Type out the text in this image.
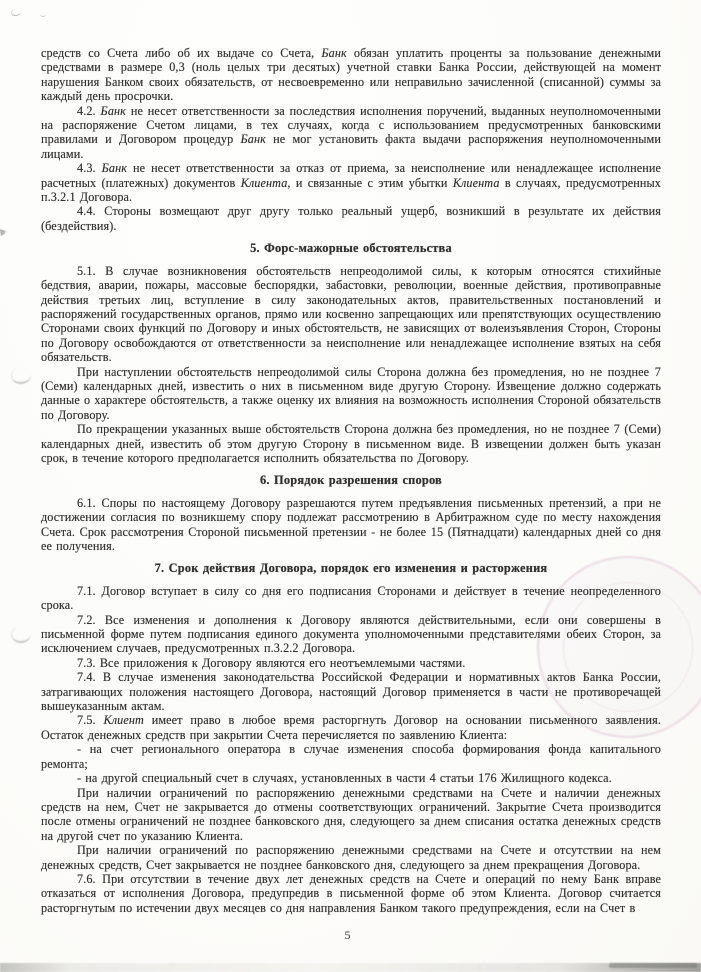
средств со Счета либо об их выдаче со Счета, Банк обязан уплатить проценты за пользование денежными средствами в размере 0,3 (ноль целых три десятых) учетной ставки Банка России, действующей на момент нарушения Банком своих обязательств, от несвоевременно или неправильно зачисленной (списанной) суммы за каждый день просрочки.

4.2. Банк не несет ответственности за последствия исполнения поручений, выданных неуполномоченными на распоряжение Счетом лицами, в тех случаях, когда с использованием предусмотренных банковскими правилами и Договором процедур Банк не мог установить факта выдачи распоряжения неуполномоченными лицами.

4.3. Банк не несет ответственности за отказ от приема, за неисполнение или ненадлежащее исполнение расчетных (платежных) документов Клиента, и связанные с этим убытки Клиента в случаях, предусмотренных п.3.2.1 Договора.

4.4. Стороны возмещают друг другу только реальный ущерб, возникший в результате их действия (бездействия).

5. Форс-мажорные обстоятельства

5.1. В случае возникновения обстоятельств непреодолимой силы, к которым относятся стихийные бедствия, аварии, пожары, массовые беспорядки, забастовки, революции, военные действия, противоправные действия третьих лиц, вступление в силу законодательных актов, правительственных постановлений и распоряжений государственных органов, прямо или косвенно запрещающих или препятствующих осуществлению Сторонами своих функций по Договору и иных обстоятельств, не зависящих от волеизъявления Сторон, Стороны по Договору освобождаются от ответственности за неисполнение или ненадлежащее исполнение взятых на себя обязательств.

При наступлении обстоятельств непреодолимой силы Сторона должна без промедления, но не позднее 7 (Семи) календарных дней, известить о них в письменном виде другую Сторону. Извещение должно содержать данные о характере обстоятельств, а также оценку их влияния на возможность исполнения Стороной обязательств по Договору.

По прекращении указанных выше обстоятельств Сторона должна без промедления, но не позднее 7 (Семи) календарных дней, известить об этом другую Сторону в письменном виде. В извещении должен быть указан срок, в течение которого предполагается исполнить обязательства по Договору.

6. Порядок разрешения споров

6.1. Споры по настоящему Договору разрешаются путем предъявления письменных претензий, а при не достижении согласия по возникшему спору подлежат рассмотрению в Арбитражном суде по месту нахождения Счета. Срок рассмотрения Стороной письменной претензии - не более 15 (Пятнадцати) календарных дней со дня ее получения.

7. Срок действия Договора, порядок его изменения и расторжения

7.1. Договор вступает в силу со дня его подписания Сторонами и действует в течение неопределенного срока.

7.2. Все изменения и дополнения к Договору являются действительными, если они совершены в письменной форме путем подписания единого документа уполномоченными представителями обеих Сторон, за исключением случаев, предусмотренных п.3.2.2 Договора.

7.3. Все приложения к Договору являются его неотъемлемыми частями.

7.4. В случае изменения законодательства Российской Федерации и нормативных актов Банка России, затрагивающих положения настоящего Договора, настоящий Договор применяется в части не противоречащей вышеуказанным актам.

7.5. Клиент имеет право в любое время расторгнуть Договор на основании письменного заявления. Остаток денежных средств при закрытии Счета перечисляется по заявлению Клиента:

- на счет регионального оператора в случае изменения способа формирования фонда капитального ремонта;

- на другой специальный счет в случаях, установленных в части 4 статьи 176 Жилищного кодекса.

При наличии ограничений по распоряжению денежными средствами на Счете и наличии денежных средств на нем, Счет не закрывается до отмены соответствующих ограничений. Закрытие Счета производится после отмены ограничений не позднее банковского дня, следующего за днем списания остатка денежных средств на другой счет по указанию Клиента.

При наличии ограничений по распоряжению денежными средствами на Счете и отсутствии на нем денежных средств, Счет закрывается не позднее банковского дня, следующего за днем прекращения Договора.

7.6. При отсутствии в течение двух лет денежных средств на Счете и операций по нему Банк вправе отказаться от исполнения Договора, предупредив в письменной форме об этом Клиента. Договор считается расторгнутым по истечении двух месяцев со дня направления Банком такого предупреждения, если на Счет в

5
